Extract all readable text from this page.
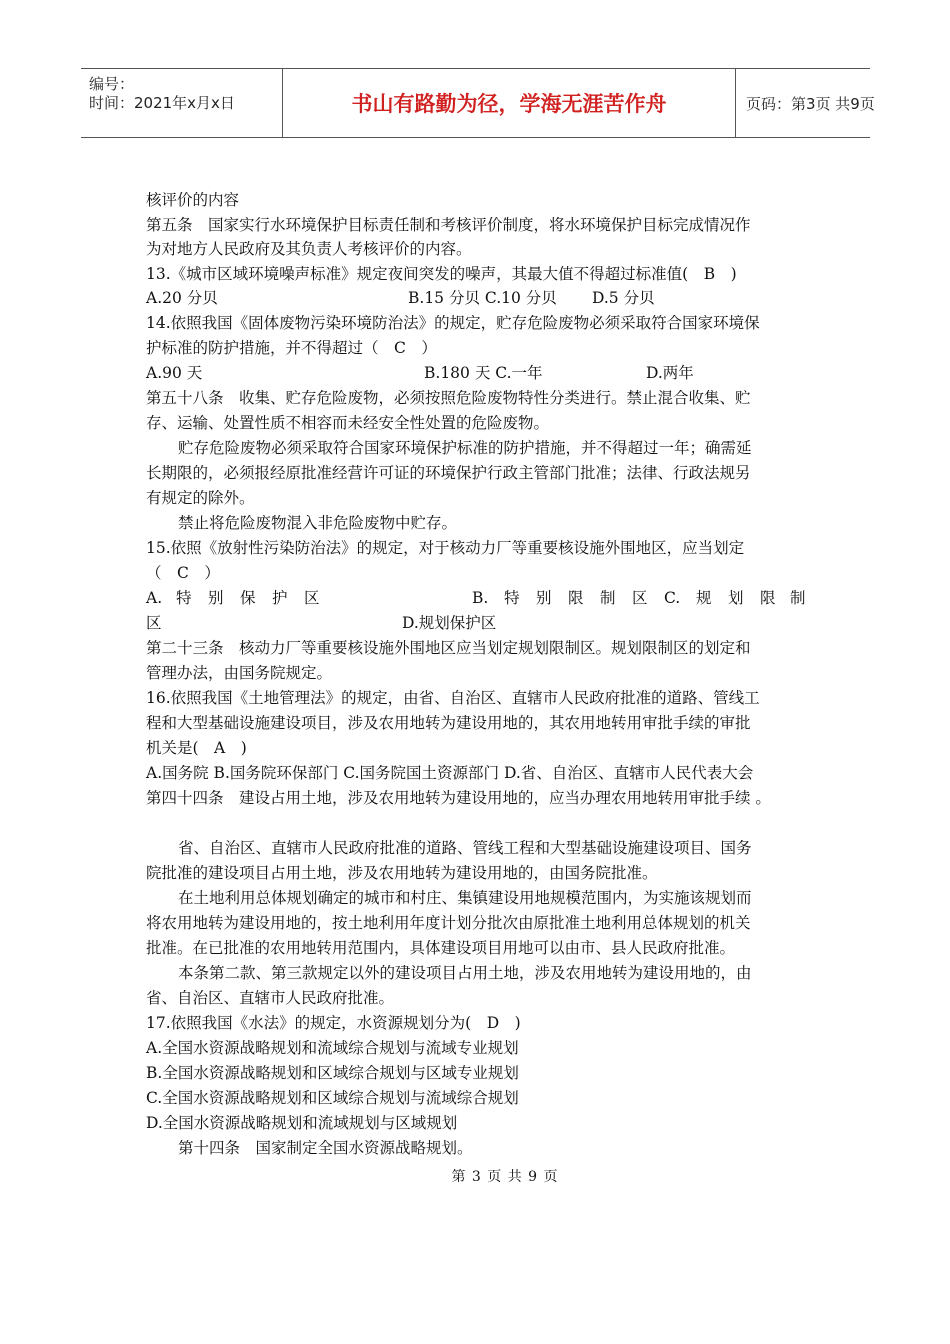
编号：
时间：2021年x月x日	书山有路勤为径，学海无涯苦作舟	页码：第3页 共9页
核评价的内容
第五条　国家实行水环境保护目标责任制和考核评价制度，将水环境保护目标完成情况作
为对地方人民政府及其负责人考核评价的内容。
13.《城市区域环境噪声标准》规定夜间突发的噪声，其最大值不得超过标准值(　B　)
A.20 分贝	B.15 分贝 C.10 分贝 D.5 分贝
14.依照我国《固体废物污染环境防治法》的规定，贮存危险废物必须采取符合国家环境保
护标准的防护措施，并不得超过（　C　）
A.90 天	B.180 天 C.一年	D.两年
第五十八条　收集、贮存危险废物，必须按照危险废物特性分类进行。禁止混合收集、贮
存、运输、处置性质不相容而未经安全性处置的危险废物。
贮存危险废物必须采取符合国家环境保护标准的防护措施，并不得超过一年；确需延
长期限的，必须报经原批准经营许可证的环境保护行政主管部门批准；法律、行政法规另
有规定的除外。
禁止将危险废物混入非危险废物中贮存。
15.依照《放射性污染防治法》的规定，对于核动力厂等重要核设施外围地区，应当划定
（　C　）
A. 特 别 保 护 区	B. 特 别 限 制 区 C. 规 划 限 制
区	D.规划保护区
第二十三条　核动力厂等重要核设施外围地区应当划定规划限制区。规划限制区的划定和
管理办法，由国务院规定。
16.依照我国《土地管理法》的规定，由省、自治区、直辖市人民政府批准的道路、管线工
程和大型基础设施建设项目，涉及农用地转为建设用地的，其农用地转用审批手续的审批
机关是(　A　)
A.国务院 B.国务院环保部门 C.国务院国土资源部门 D.省、自治区、直辖市人民代表大会
第四十四条　建设占用土地，涉及农用地转为建设用地的，应当办理农用地转用审批手续 。
省、自治区、直辖市人民政府批准的道路、管线工程和大型基础设施建设项目、国务
院批准的建设项目占用土地，涉及农用地转为建设用地的，由国务院批准。
在土地利用总体规划确定的城市和村庄、集镇建设用地规模范围内，为实施该规划而
将农用地转为建设用地的，按土地利用年度计划分批次由原批准土地利用总体规划的机关
批准。在已批准的农用地转用范围内，具体建设项目用地可以由市、县人民政府批准。
本条第二款、第三款规定以外的建设项目占用土地，涉及农用地转为建设用地的，由
省、自治区、直辖市人民政府批准。
17.依照我国《水法》的规定，水资源规划分为(　D　)
A.全国水资源战略规划和流域综合规划与流域专业规划
B.全国水资源战略规划和区域综合规划与区域专业规划
C.全国水资源战略规划和区域综合规划与流域综合规划
D.全国水资源战略规划和流域规划与区域规划
第十四条　国家制定全国水资源战略规划。
第 3 页 共 9 页
